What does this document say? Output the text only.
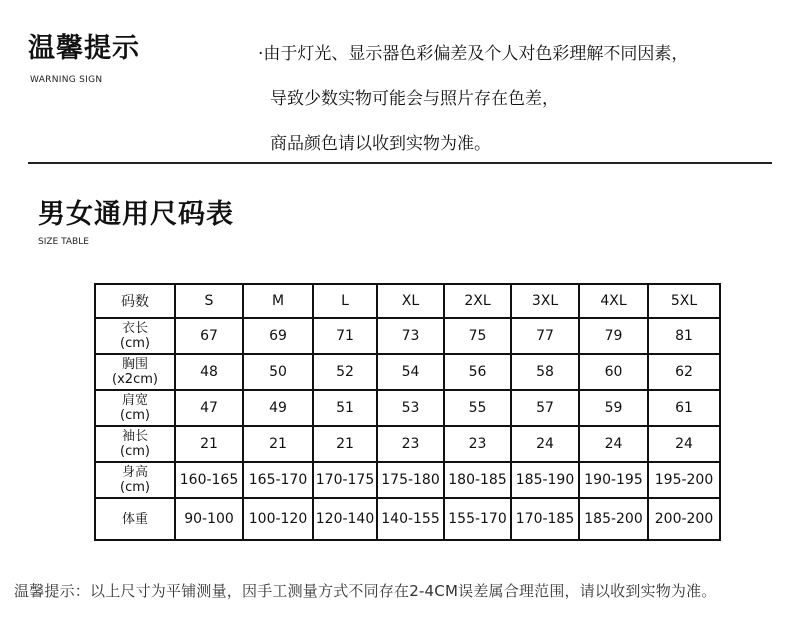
温馨提示
WARNING SIGN
·由于灯光、显示器色彩偏差及个人对色彩理解不同因素，
导致少数实物可能会与照片存在色差，
商品颜色请以收到实物为准。
男女通用尺码表
SIZE TABLE
码数	S	M	L	XL	2XL	3XL	4XL	5XL

衣长
(cm)	67	69	71	73	75	77	79	81

胸围
(x2cm)	48	50	52	54	56	58	60	62

肩宽
(cm)	47	49	51	53	55	57	59	61

袖长
(cm)	21	21	21	23	23	24	24	24

身高
(cm)	160-165	165-170	170-175	175-180	180-185	185-190	190-195	195-200

体重	90-100	100-120	120-140	140-155	155-170	170-185	185-200	200-200
温馨提示：以上尺寸为平铺测量，因手工测量方式不同存在2-4CM误差属合理范围，请以收到实物为准。
